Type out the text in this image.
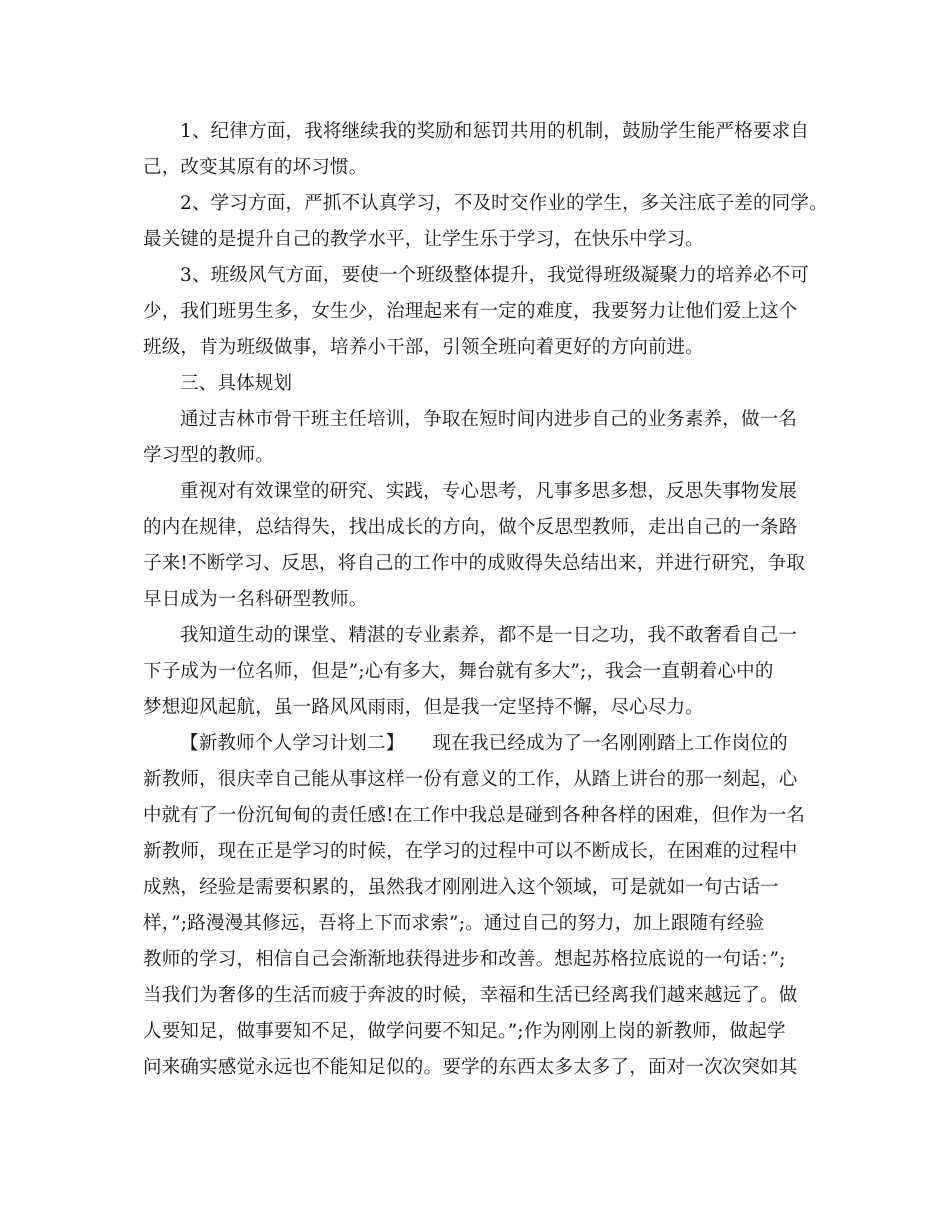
1、纪律方面，我将继续我的奖励和惩罚共用的机制，鼓励学生能严格要求自
己，改变其原有的坏习惯。
2、学习方面，严抓不认真学习，不及时交作业的学生，多关注底子差的同学。
最关键的是提升自己的教学水平，让学生乐于学习，在快乐中学习。
3、班级风气方面，要使一个班级整体提升，我觉得班级凝聚力的培养必不可
少，我们班男生多，女生少，治理起来有一定的难度，我要努力让他们爱上这个
班级，肯为班级做事，培养小干部，引领全班向着更好的方向前进。
三、具体规划
通过吉林市骨干班主任培训，争取在短时间内进步自己的业务素养，做一名
学习型的教师。
重视对有效课堂的研究、实践，专心思考，凡事多思多想，反思失事物发展
的内在规律，总结得失，找出成长的方向，做个反思型教师，走出自己的一条路
子来!不断学习、反思，将自己的工作中的成败得失总结出来，并进行研究，争取
早日成为一名科研型教师。
我知道生动的课堂、精湛的专业素养，都不是一日之功，我不敢奢看自己一
下子成为一位名师，但是”;心有多大，舞台就有多大”;，我会一直朝着心中的
梦想迎风起航，虽一路风风雨雨，但是我一定坚持不懈，尽心尽力。
【新教师个人学习计划二】　　现在我已经成为了一名刚刚踏上工作岗位的
新教师，很庆幸自己能从事这样一份有意义的工作，从踏上讲台的那一刻起，心
中就有了一份沉甸甸的责任感!在工作中我总是碰到各种各样的困难，但作为一名
新教师，现在正是学习的时候，在学习的过程中可以不断成长，在困难的过程中
成熟，经验是需要积累的，虽然我才刚刚进入这个领域，可是就如一句古话一
样，”;路漫漫其修远，吾将上下而求索”;。通过自己的努力，加上跟随有经验
教师的学习，相信自己会渐渐地获得进步和改善。想起苏格拉底说的一句话：”;
当我们为奢侈的生活而疲于奔波的时候，幸福和生活已经离我们越来越远了。做
人要知足，做事要知不足，做学问要不知足。”;作为刚刚上岗的新教师，做起学
问来确实感觉永远也不能知足似的。要学的东西太多太多了，面对一次次突如其
